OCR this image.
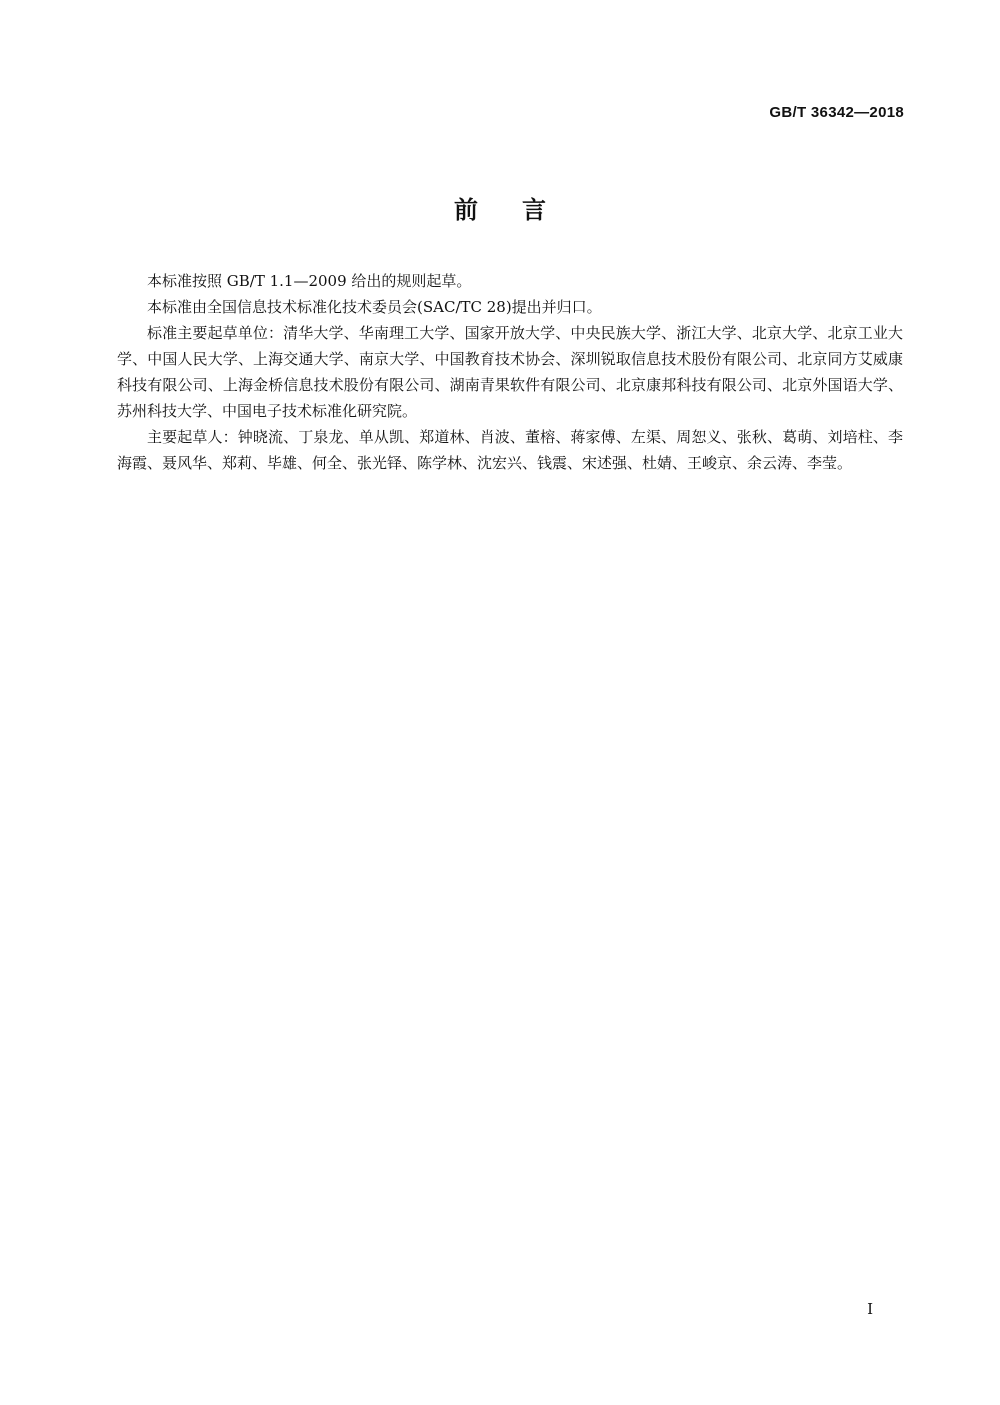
GB/T 36342—2018
前言

本标准按照 GB/T 1.1—2009 给出的规则起草。

本标准由全国信息技术标准化技术委员会(SAC/TC 28)提出并归口。

标准主要起草单位：清华大学、华南理工大学、国家开放大学、中央民族大学、浙江大学、北京大学、北京工业大学、中国人民大学、上海交通大学、南京大学、中国教育技术协会、深圳锐取信息技术股份有限公司、北京同方艾威康科技有限公司、上海金桥信息技术股份有限公司、湖南青果软件有限公司、北京康邦科技有限公司、北京外国语大学、苏州科技大学、中国电子技术标准化研究院。

主要起草人：钟晓流、丁泉龙、单从凯、郑道林、肖波、董榕、蒋家傅、左渠、周恕义、张秋、葛萌、刘培柱、李海霞、聂风华、郑莉、毕雄、何全、张光铎、陈学林、沈宏兴、钱震、宋述强、杜婧、王峻京、余云涛、李莹。

I
